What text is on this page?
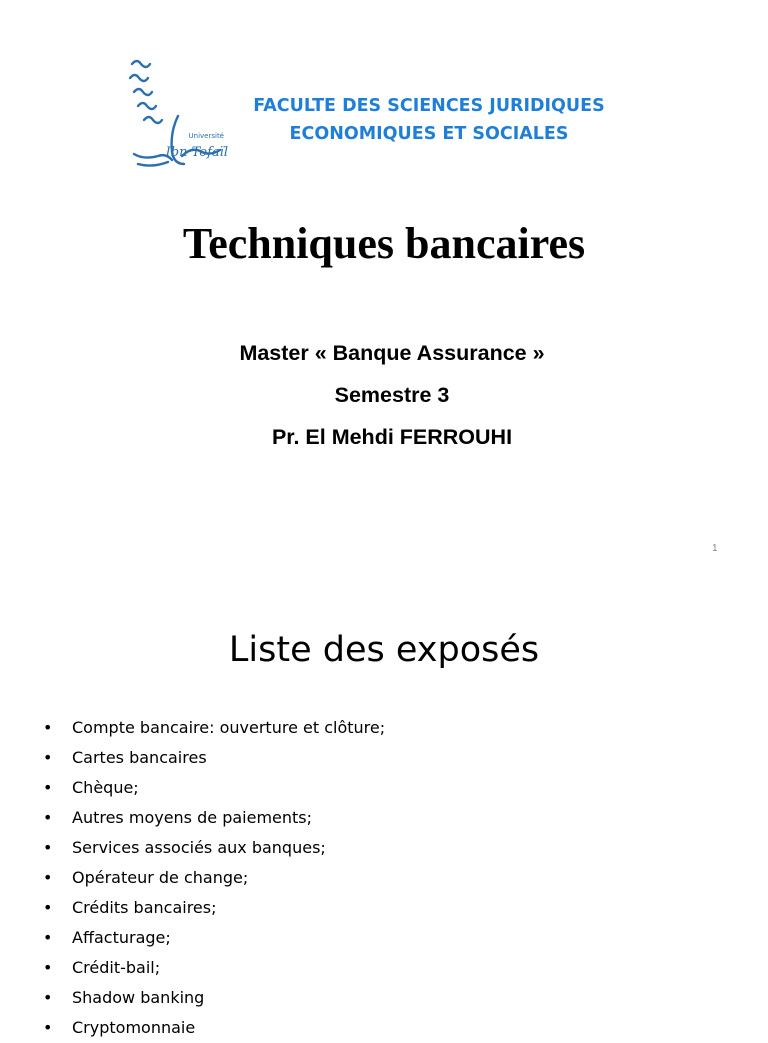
Université
Ibn Tofaïl
FACULTE DES SCIENCES JURIDIQUES
ECONOMIQUES ET SOCIALES
Techniques bancaires
Master « Banque Assurance »
Semestre 3
Pr. El Mehdi FERROUHI
1
Liste des exposés
• Compte bancaire: ouverture et clôture;
• Cartes bancaires
• Chèque;
• Autres moyens de paiements;
• Services associés aux banques;
• Opérateur de change;
• Crédits bancaires;
• Affacturage;
• Crédit-bail;
• Shadow banking
• Cryptomonnaie
